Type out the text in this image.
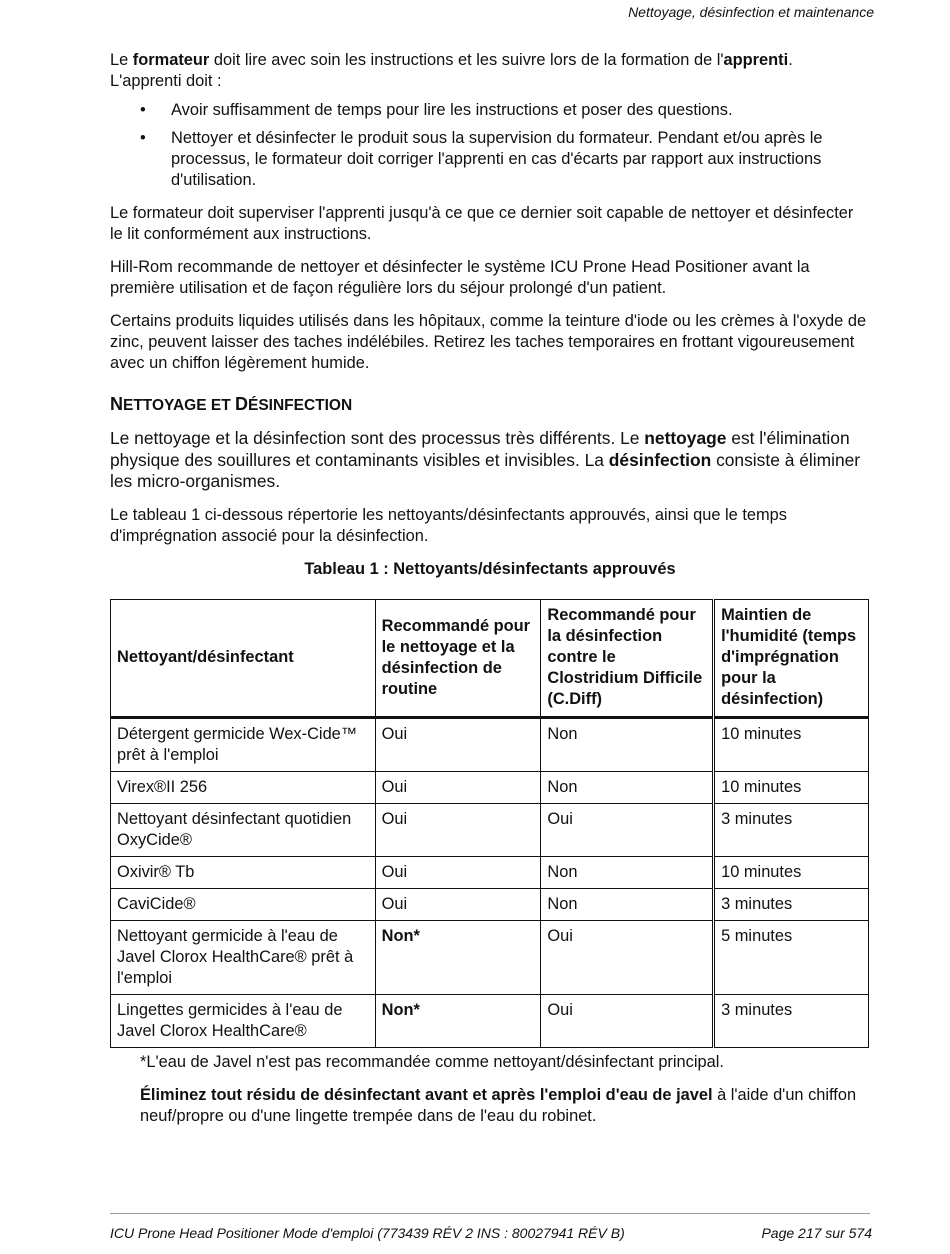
Nettoyage, désinfection et maintenance

Le formateur doit lire avec soin les instructions et les suivre lors de la formation de l'apprenti.

L'apprenti doit :

• Avoir suffisamment de temps pour lire les instructions et poser des questions.
• Nettoyer et désinfecter le produit sous la supervision du formateur. Pendant et/ou après le processus, le formateur doit corriger l'apprenti en cas d'écarts par rapport aux instructions d'utilisation.

Le formateur doit superviser l'apprenti jusqu'à ce que ce dernier soit capable de nettoyer et désinfecter le lit conformément aux instructions.

Hill-Rom recommande de nettoyer et désinfecter le système ICU Prone Head Positioner avant la première utilisation et de façon régulière lors du séjour prolongé d'un patient.

Certains produits liquides utilisés dans les hôpitaux, comme la teinture d'iode ou les crèmes à l'oxyde de zinc, peuvent laisser des taches indélébiles. Retirez les taches temporaires en frottant vigoureusement avec un chiffon légèrement humide.

NETTOYAGE ET DÉSINFECTION

Le nettoyage et la désinfection sont des processus très différents. Le nettoyage est l'élimination physique des souillures et contaminants visibles et invisibles. La désinfection consiste à éliminer les micro-organismes.

Le tableau 1 ci-dessous répertorie les nettoyants/désinfectants approuvés, ainsi que le temps d'imprégnation associé pour la désinfection.

Tableau 1 : Nettoyants/désinfectants approuvés
Nettoyant/désinfectant	Recommandé pour le nettoyage et la désinfection de routine	Recommandé pour la désinfection contre le Clostridium Difficile (C.Diff)	Maintien de l'humidité (temps d'imprégnation pour la désinfection)
Détergent germicide Wex-Cide™ prêt à l'emploi	Oui	Non	10 minutes
Virex®II 256	Oui	Non	10 minutes
Nettoyant désinfectant quotidien OxyCide®	Oui	Oui	3 minutes
Oxivir® Tb	Oui	Non	10 minutes
CaviCide®	Oui	Non	3 minutes
Nettoyant germicide à l'eau de Javel Clorox HealthCare® prêt à l'emploi	Non*	Oui	5 minutes
Lingettes germicides à l'eau de Javel Clorox HealthCare®	Non*	Oui	3 minutes

*L'eau de Javel n'est pas recommandée comme nettoyant/désinfectant principal.

Éliminez tout résidu de désinfectant avant et après l'emploi d'eau de javel à l'aide d'un chiffon neuf/propre ou d'une lingette trempée dans de l'eau du robinet.

ICU Prone Head Positioner Mode d'emploi (773439 RÉV 2 INS : 80027941 RÉV B)	Page 217 sur 574
